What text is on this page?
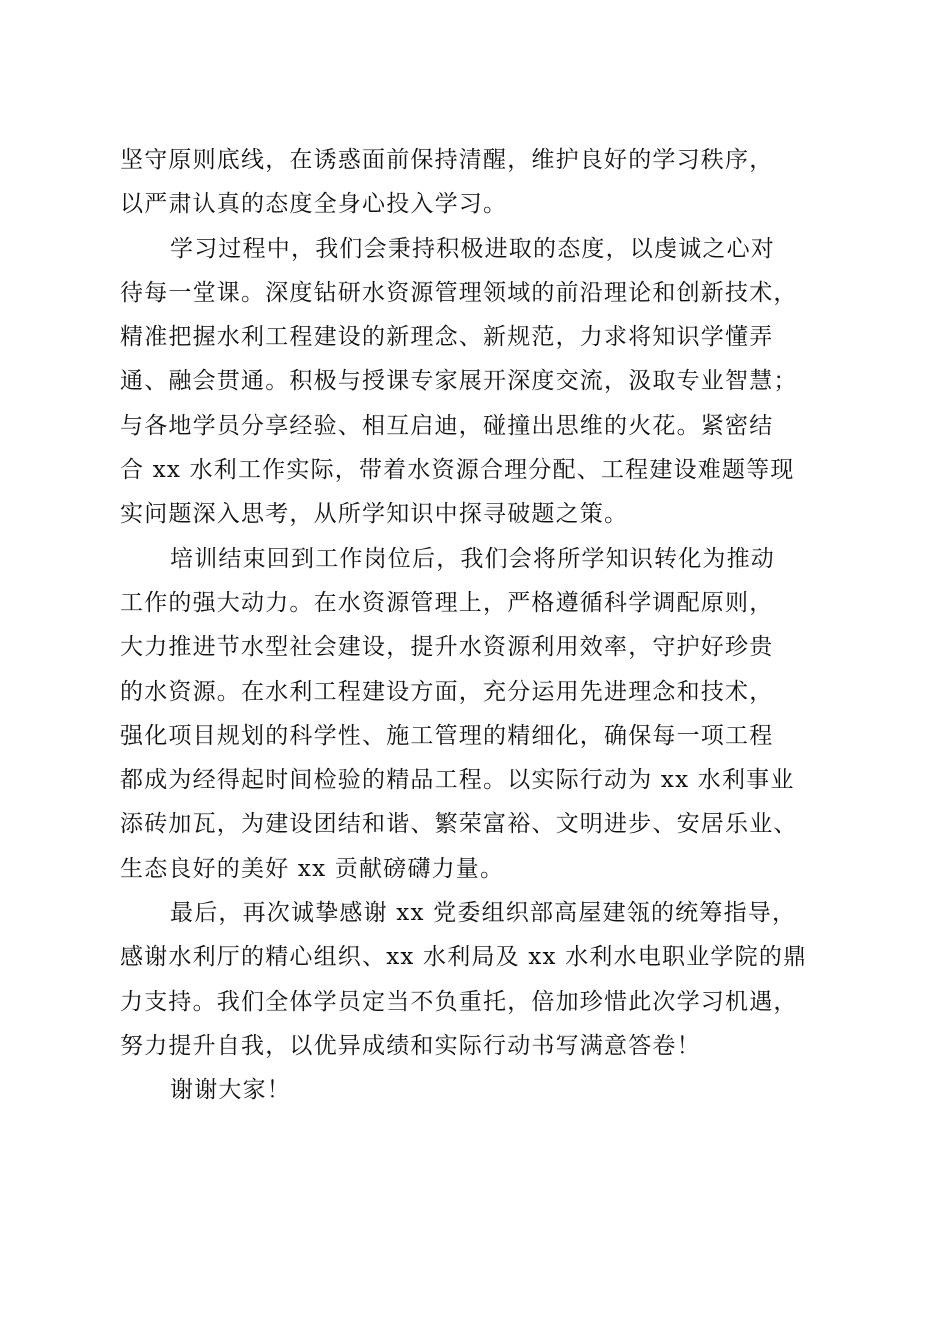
坚守原则底线，在诱惑面前保持清醒，维护良好的学习秩序，
以严肃认真的态度全身心投入学习。
学习过程中，我们会秉持积极进取的态度，以虔诚之心对
待每一堂课。深度钻研水资源管理领域的前沿理论和创新技术，
精准把握水利工程建设的新理念、新规范，力求将知识学懂弄
通、融会贯通。积极与授课专家展开深度交流，汲取专业智慧；
与各地学员分享经验、相互启迪，碰撞出思维的火花。紧密结
合 xx 水利工作实际，带着水资源合理分配、工程建设难题等现
实问题深入思考，从所学知识中探寻破题之策。
培训结束回到工作岗位后，我们会将所学知识转化为推动
工作的强大动力。在水资源管理上，严格遵循科学调配原则，
大力推进节水型社会建设，提升水资源利用效率，守护好珍贵
的水资源。在水利工程建设方面，充分运用先进理念和技术，
强化项目规划的科学性、施工管理的精细化，确保每一项工程
都成为经得起时间检验的精品工程。以实际行动为 xx 水利事业
添砖加瓦，为建设团结和谐、繁荣富裕、文明进步、安居乐业、
生态良好的美好 xx 贡献磅礴力量。
最后，再次诚挚感谢 xx 党委组织部高屋建瓴的统筹指导，
感谢水利厅的精心组织、xx 水利局及 xx 水利水电职业学院的鼎
力支持。我们全体学员定当不负重托，倍加珍惜此次学习机遇，
努力提升自我，以优异成绩和实际行动书写满意答卷！
谢谢大家！
